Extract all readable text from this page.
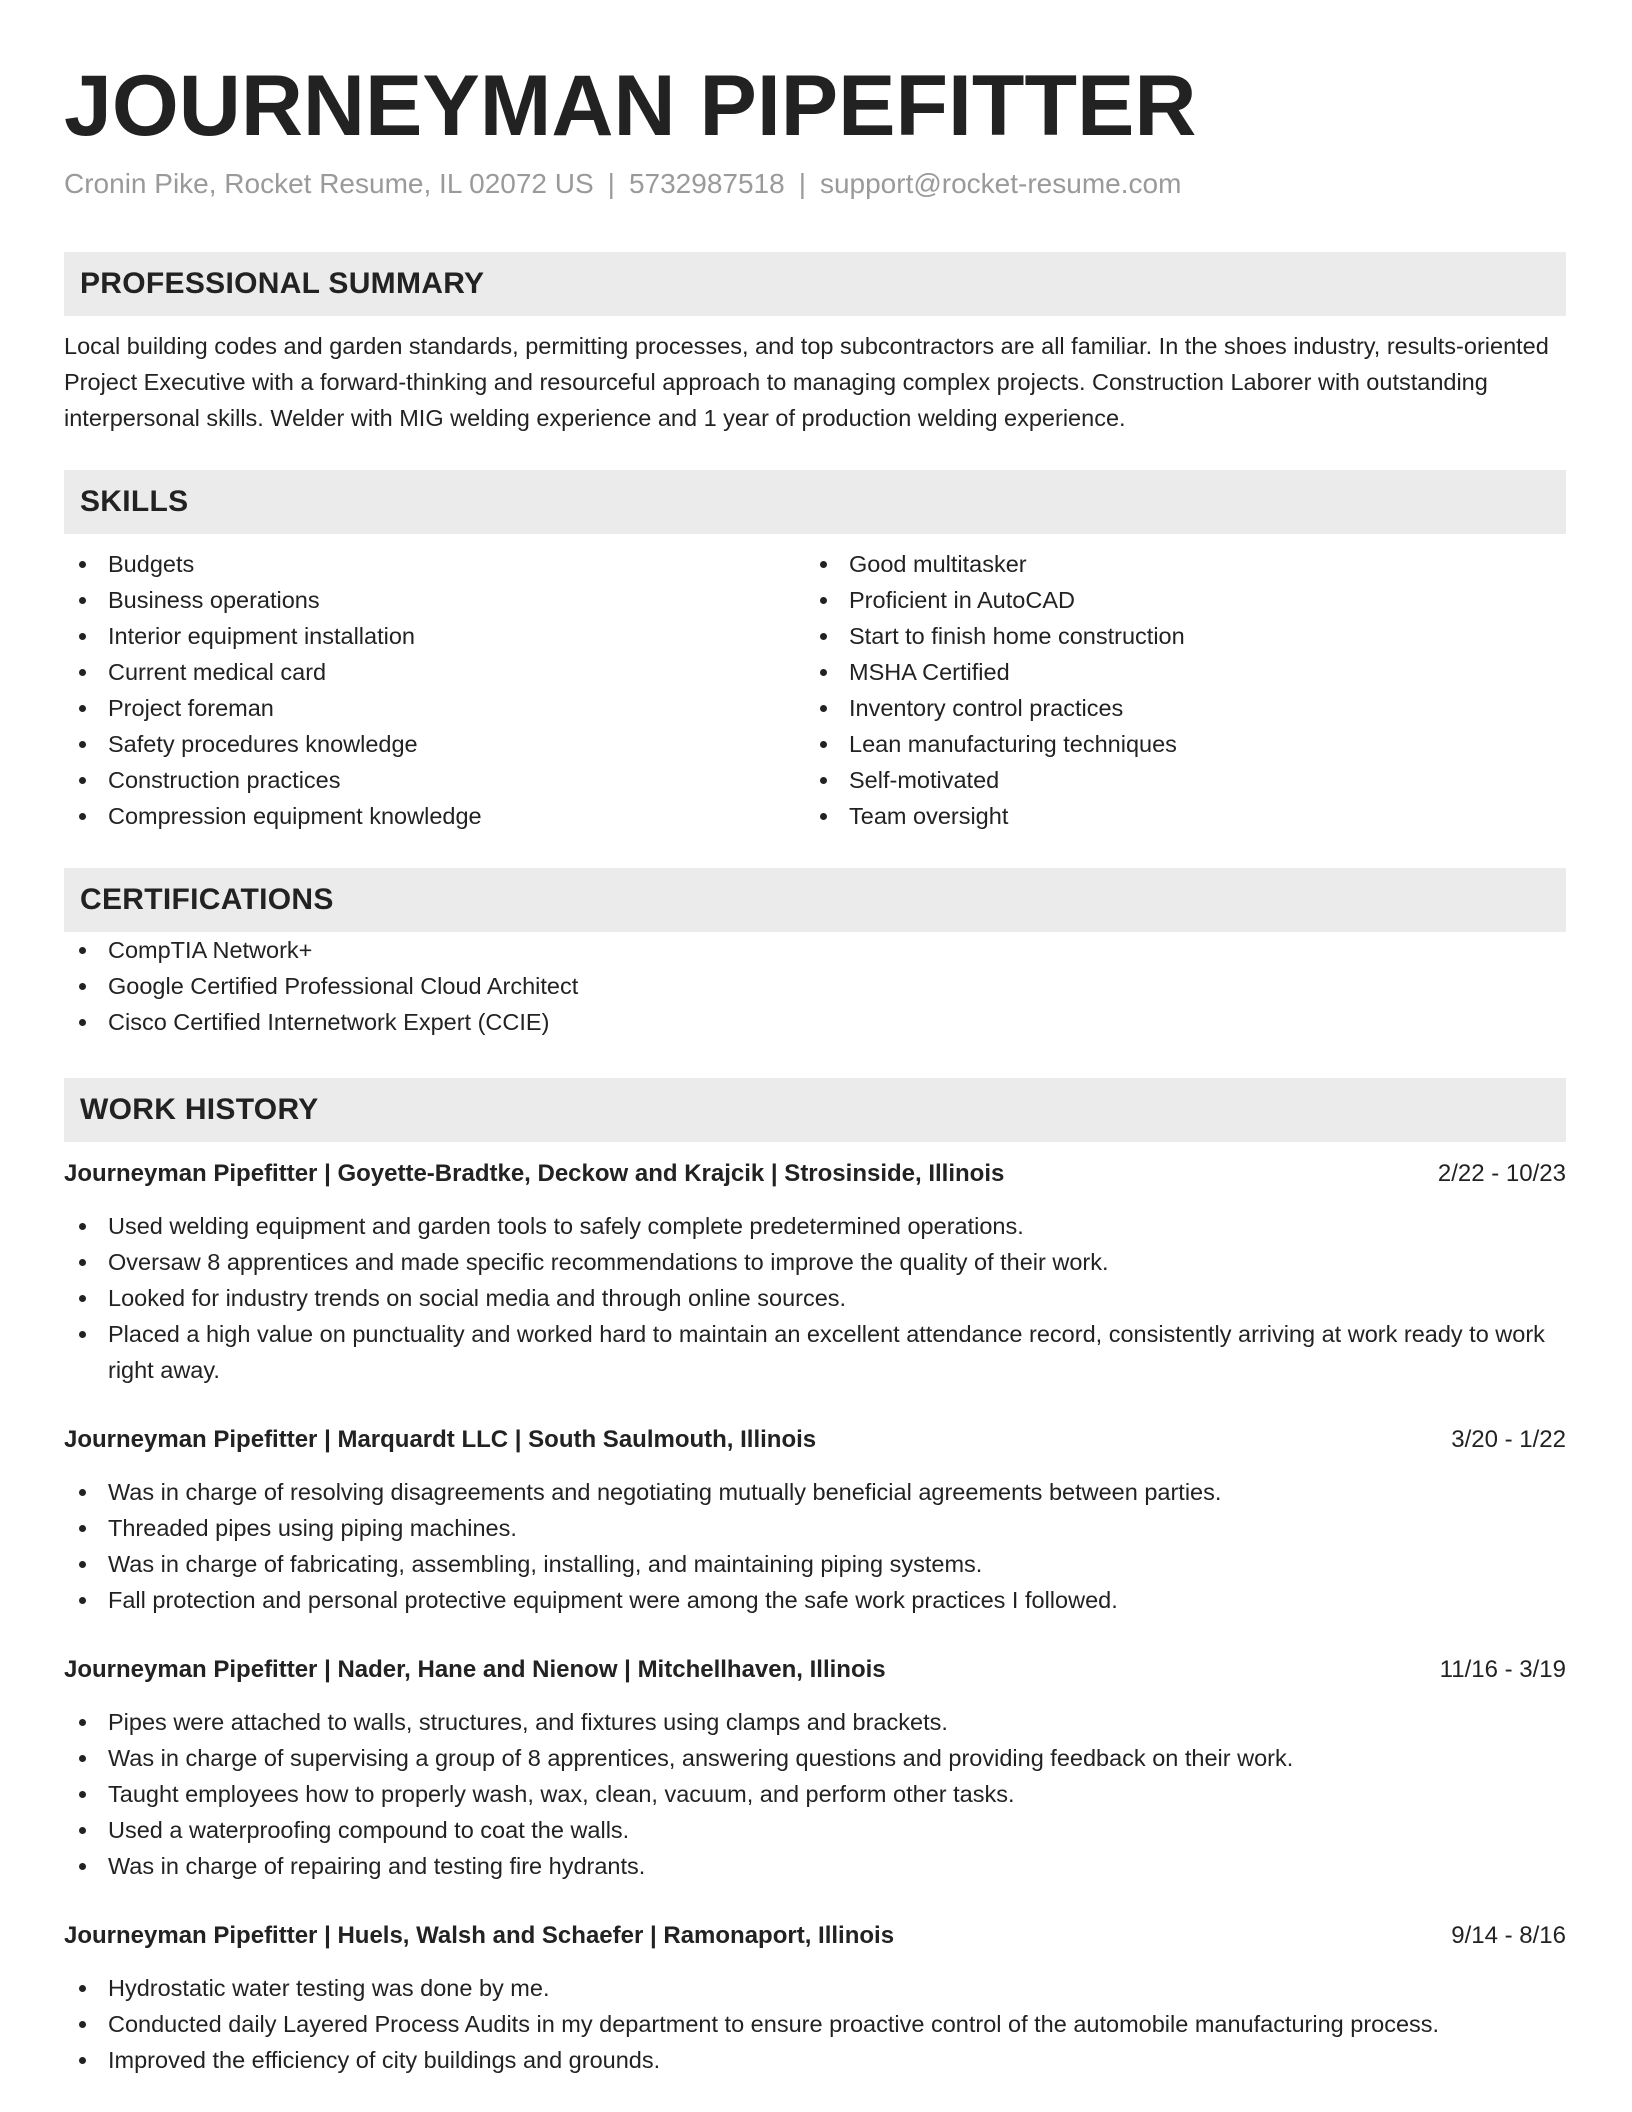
JOURNEYMAN PIPEFITTER
Cronin Pike, Rocket Resume, IL 02072 US | 5732987518 | support@rocket-resume.com
PROFESSIONAL SUMMARY
Local building codes and garden standards, permitting processes, and top subcontractors are all familiar. In the shoes industry, results-oriented Project Executive with a forward-thinking and resourceful approach to managing complex projects. Construction Laborer with outstanding interpersonal skills. Welder with MIG welding experience and 1 year of production welding experience.
SKILLS
Budgets
Business operations
Interior equipment installation
Current medical card
Project foreman
Safety procedures knowledge
Construction practices
Compression equipment knowledge
Good multitasker
Proficient in AutoCAD
Start to finish home construction
MSHA Certified
Inventory control practices
Lean manufacturing techniques
Self-motivated
Team oversight
CERTIFICATIONS
CompTIA Network+
Google Certified Professional Cloud Architect
Cisco Certified Internetwork Expert (CCIE)
WORK HISTORY
Journeyman Pipefitter | Goyette-Bradtke, Deckow and Krajcik | Strosinside, Illinois	2/22 - 10/23
Used welding equipment and garden tools to safely complete predetermined operations.
Oversaw 8 apprentices and made specific recommendations to improve the quality of their work.
Looked for industry trends on social media and through online sources.
Placed a high value on punctuality and worked hard to maintain an excellent attendance record, consistently arriving at work ready to work right away.
Journeyman Pipefitter | Marquardt LLC | South Saulmouth, Illinois	3/20 - 1/22
Was in charge of resolving disagreements and negotiating mutually beneficial agreements between parties.
Threaded pipes using piping machines.
Was in charge of fabricating, assembling, installing, and maintaining piping systems.
Fall protection and personal protective equipment were among the safe work practices I followed.
Journeyman Pipefitter | Nader, Hane and Nienow | Mitchellhaven, Illinois	11/16 - 3/19
Pipes were attached to walls, structures, and fixtures using clamps and brackets.
Was in charge of supervising a group of 8 apprentices, answering questions and providing feedback on their work.
Taught employees how to properly wash, wax, clean, vacuum, and perform other tasks.
Used a waterproofing compound to coat the walls.
Was in charge of repairing and testing fire hydrants.
Journeyman Pipefitter | Huels, Walsh and Schaefer | Ramonaport, Illinois	9/14 - 8/16
Hydrostatic water testing was done by me.
Conducted daily Layered Process Audits in my department to ensure proactive control of the automobile manufacturing process.
Improved the efficiency of city buildings and grounds.
